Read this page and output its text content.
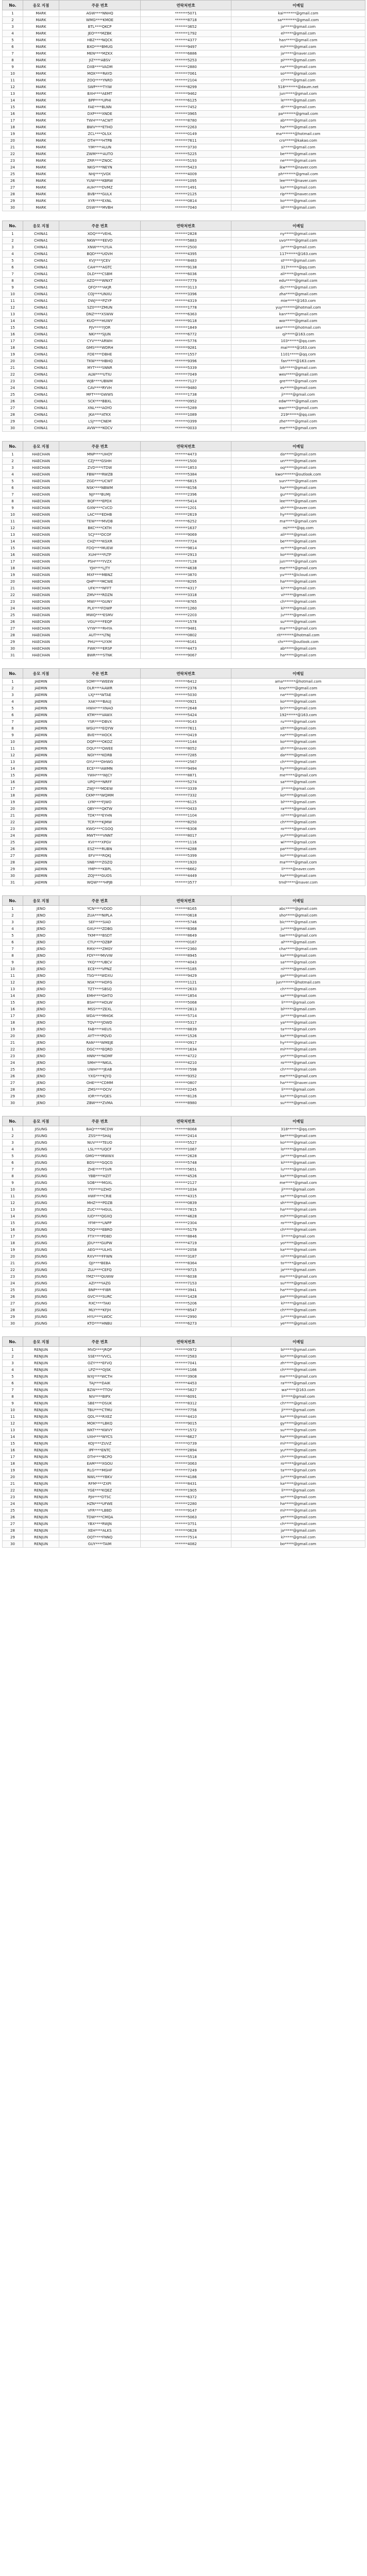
No.	응모 지점	주문 번호	연락처번호	이메일
1	MARK	AGW****NNHQ	*******5071	kai*******@gmail.com
2	MARK	WMG****KMOE	*******8718	sa********@gmail.com
3	MARK	BTL****QKCP	*******3652	ja*****@gmail.com
4	MARK	JEO****MZBK	*******1792	el*****@gmail.com
5	MARK	HBZ****NQCK	*******4377	han*****@gmail.com
6	MARK	BXO****BMUG	*******9497	mi*****@gmail.com
7	MARK	MEN****MZKX	*******6886	ja*****@naver.com
8	MARK	JIZ****ABSV	*******5253	pi*****@gmail.com
9	MARK	DXB****VADM	*******2880	na*****@gmail.com
10	MARK	MOX****RAYD	*******7061	so*****@gmail.com
11	MARK	ZOQ****YNRD	*******2104	cl*****@gmail.com
12	MARK	SWP****TYIW	*******8299	518*******@daum.net
13	MARK	BXH****AEMT	*******9462	jun*****@gmail.com
14	MARK	BPP****UPHI	*******6125	le*****@gmail.com
15	MARK	FAE****BLNN	*******7452	di*****@gmail.com
16	MARK	DXP****XNDE	*******3965	pa*******@gmail.com
17	MARK	TWH****ACWT	*******8780	ab*****@gmail.com
18	MARK	BWV****ETHO	*******2263	ha*****@gmail.com
19	MARK	ZCL****OLSX	*******0149	ma*******@hotmail.com
20	MARK	DTH****HTPB	*******7611	cro*****@kakao.com
21	MARK	YIM****ALUN	*******3730	si*****@gmail.com
22	MARK	ZWM****AUTO	*******5225	be*****@gmail.com
23	MARK	ZRR****ZNOC	*******5193	ne*****@gmail.com
24	MARK	NKG****NEYN	*******5423	ikw*****@naver.com
25	MARK	NHJ****JVOX	*******4009	ph*******@gmail.com
26	MARK	YUW****KBRW	*******1095	lee*****@naver.com
27	MARK	AUH****DVMZ	*******1491	ka*****@gmail.com
28	MARK	BVB****GULX	*******2125	rip*****@naver.com
29	MARK	XYR****EXNL	*******0814	ko*****@gmail.com
30	MARK	DSW****MVBH	*******7040	id*****@gmail.com
No.	응모 지점	주문 번호	연락처번호	이메일
1	CHINA1	XOQ****VEHL	*******2828	ny*****@gmail.com
2	CHINA1	NKW****EEVO	*******5883	uvo*****@gmail.com
3	CHINA1	XNW****LYUA	*******2500	ja*****@gmail.com
4	CHINA1	BQD****UOVH	*******4395	117******@163.com
5	CHINA1	KVJ****JCEV	*******8483	st*****@gmail.com
6	CHINA1	CAH****AGTC	*******9138	317******@qq.com
7	CHINA1	DLD****CSBM	*******6036	ali*****@gmail.com
8	CHINA1	AZO****WNXT	*******7779	edu*****@gmail.com
9	CHINA1	QFO****AKJR	*******3113	dic*****@gmail.com
10	CHINA1	COJ****UNXU	*******3396	zha*****@gmail.com
11	CHINA1	DWJ****PZYP	*******4319	mie*****@163.com
12	CHINA1	SZ0****ZMUN	*******1778	yuy*******@hotmail.com
13	CHINA1	DNZ****XSWW	*******6363	kan*****@gmail.com
14	CHINA1	KUO****HUWY	*******9118	wor*****@gmail.com
15	CHINA1	PJV****YJOR	*******1849	sea*******@hotmail.com
16	CHINA1	NKI****SJUN	*******6772	qi*****@163.com
17	CHINA1	CYV****ARWH	*******5776	103******@qq.com
18	CHINA1	GMS****WDRH	*******9281	mai*****@163.com
19	CHINA1	FDE****DBHE	*******1557	1101*****@qq.com
20	CHINA1	TKW****HBHQ	*******9396	fan*****@163.com
21	CHINA1	MYT****SNNR	*******5339	lzh*****@gmail.com
22	CHINA1	ALW****UTIU	*******7049	wes*****@gmail.com
23	CHINA1	WJB****UBWM	*******7127	gre*****@gmail.com
24	CHINA1	CAV****RYVH	*******9480	ev*****@gmail.com
25	CHINA1	MFT****GWWS	*******1738	ji*****@gmail.com
26	CHINA1	SCK****BBXL	*******0952	edw*****@gmail.com
27	CHINA1	XNL****AOYO	*******5289	wan*****@gmail.com
28	CHINA1	JKA****ATKX	*******1089	219******@qq.com
29	CHINA1	LSJ****CNEM	*******0399	zhe*****@gmail.com
30	CHINA1	AVW****KOCV	*******0033	me*****@gmail.com
No.	응모 지점	주문 번호	연락처번호	이메일
1	HAECHAN	MNP****UHOY	*******4473	da*****@gmail.com
2	HAECHAN	CZJ****GSHH	*******1500	un*****@gmail.com
3	HAECHAN	ZVD****ITDW	*******1853	oq*****@gmail.com
4	HAECHAN	FBW****RWZB	*******5384	kwo*******@outlook.com
5	HAECHAN	ZGD****UCWT	*******6815	sun*****@gmail.com
6	HAECHAN	NSK****NBWM	*******8156	ha*****@gmail.com
7	HAECHAN	NJI****BUMJ	*******2396	gu*****@gmail.com
8	HAECHAN	BQF****EPDX	*******5414	lee*****@gmail.com
9	HAECHAN	GXN****CVCD	*******1201	sh*****@naver.com
10	HAECHAN	LAC****EDHB	*******2619	hy*****@gmail.com
11	HAECHAN	TEW****MVDB	*******6252	ma*****@gmail.com
12	HAECHAN	BKC****CKTH	*******1637	mi*****@qq.com
13	HAECHAN	SCJ****DCOF	*******9069	ali*****@gmail.com
14	HAECHAN	CHZ****KGXR	*******7724	be*****@gmail.com
15	HAECHAN	FDQ****MUEW	*******9814	ro*****@gmail.com
16	HAECHAN	XUH****FLTP	*******2913	ko*****@gmail.com
17	HAECHAN	PSH****YVZX	*******7128	jun*****@gmail.com
18	HAECHAN	YJH****LJTY	*******4638	me*****@gmail.com
19	HAECHAN	MXF****MBNZ	*******3870	yu*****@icloud.com
20	HAECHAN	QHP****MCWE	*******8295	ha*****@gmail.com
21	HAECHAN	UFK****NFFT	*******4317	ki*****@gmail.com
22	HAECHAN	ZMV****RDZN	*******3318	vi*****@gmail.com
23	HAECHAN	MWI****GUNY	*******8765	ch*****@gmail.com
24	HAECHAN	PLX****FDWP	*******1260	ki*****@gmail.com
25	HAECHAN	MWQ****ESMV	*******2203	ju*****@gmail.com
26	HAECHAN	VGU****FEQP	*******1578	su*****@gmail.com
27	HAECHAN	VYW****RHYA	*******9481	ma*****@gmail.com
28	HAECHAN	AUT****LTNJ	*******0802	rit*******@hotmail.com
29	HAECHAN	PHU****LYXM	*******6161	chr*****@outlook.com
30	HAECHAN	FWK****ERSP	*******4473	ab*****@gmail.com
31	HAECHAN	BWR****STNK	*******9067	ha*****@gmail.com
No.	응모 지점	주문 번호	연락처번호	이메일
1	JAEMIN	SOM****WEEW	*******6412	ama*******@hotmail.com
2	JAEMIN	DLR****AAWR	*******2376	kno*****@gmail.com
3	JAEMIN	LXJ****WTAE	*******5030	na*****@gmail.com
4	JAEMIN	XAK****BAUJ	*******0921	ko*****@gmail.com
5	JAEMIN	HWH****XNAO	*******2648	bri*****@gmail.com
6	JAEMIN	KTM****VAWX	*******5424	192******@163.com
7	JAEMIN	YSR****DBVX	*******9143	ru*****@gmail.com
8	JAEMIN	WGU****EQYW	*******7611	sit*****@gmail.com
9	JAEMIN	BVE****HOCK	*******0419	na*****@gmail.com
10	JAEMIN	DQP****OKDZ	*******1144	ko*****@gmail.com
11	JAEMIN	DQU****QWEE	*******8052	sh*****@naver.com
12	JAEMIN	NGY****KDRB	*******7285	da*****@gmail.com
13	JAEMIN	GYU****DHWG	*******2567	ch*****@gmail.com
14	JAEMIN	ECE****AWMN	*******9494	hy*****@gmail.com
15	JAEMIN	YWH****WJCY	*******8871	me*****@gmail.com
16	JAEMIN	UPQ****NRFF	*******5274	sa*****@gmail.com
17	JAEMIN	ZWJ****MDEW	*******3339	ji*****@gmail.com
18	JAEMIN	CKM****WQMM	*******7332	ko*****@gmail.com
19	JAEMIN	LYM****FJWO	*******6125	bl*****@gmail.com
20	JAEMIN	QBY****QKTW	*******0433	ra*****@gmail.com
21	JAEMIN	TDK****EYHN	*******1104	ni*****@gmail.com
22	JAEMIN	TCR****KJMW	*******8250	ch*****@gmail.com
23	JAEMIN	KWG****CGOQ	*******6308	ro*****@gmail.com
24	JAEMIN	MWT****VNNT	*******8017	yu*****@gmail.com
25	JAEMIN	KVI****XPGV	*******1116	wi*****@gmail.com
26	JAEMIN	ESZ****RUBN	*******4288	pa*****@gmail.com
27	JAEMIN	EFV****RQKJ	*******5399	ko*****@gmail.com
28	JAEMIN	SNB****ZGZQ	*******1920	ma*****@gmail.com
29	JAEMIN	YMP****KBPL	*******6662	li*****@naver.com
30	JAEMIN	ZOJ****GUOS	*******4449	ha*****@gmail.com
31	JAEMIN	WQW****HPJB	*******3577	tmd*****@naver.com
No.	응모 지점	주문 번호	연락처번호	이메일
1	JENO	YCN****VDOD	*******8165	abc*****@gmail.com
2	JENO	ZUA****NIPLA	*******0618	sho*****@gmail.com
3	JENO	SEF****SIAD	*******5746	bic*****@gmail.com
4	JENO	GXU****ZDBG	*******8368	ju*****@gmail.com
5	JENO	TKM****BSDT	*******8649	tae*****@gmail.com
6	JENO	CTU****OZBP	*******0167	al*****@gmail.com
7	JENO	RMX****ZMGY	*******2360	cha*****@gmail.com
8	JENO	FDY****MVVW	*******8945	ka*****@gmail.com
9	JENO	YKQ****UBCV	*******4043	sa*****@gmail.com
10	JENO	ECE****VPNZ	*******5185	ni*****@gmail.com
11	JENO	TSG****WDXU	*******9429	ga*****@gmail.com
12	JENO	NSK****HDFG	*******1121	jun*******@hotmail.com
13	JENO	TZT****SBSQ	*******2633	ch*****@gmail.com
14	JENO	EMH****GHTO	*******1854	sa*****@gmail.com
15	JENO	BSH****HDLW	*******5068	li*****@gmail.com
16	JENO	MSS****ZEXL	*******2813	bl*****@gmail.com
17	JENO	WDA****MHGK	*******5714	jo*****@gmail.com
18	JENO	TQV****JDWD	*******5317	ya*****@gmail.com
19	JENO	FAB****HEUS	*******8839	ta*****@gmail.com
20	JENO	AYT****PQVD	*******1526	ka*****@gmail.com
21	JENO	RAN****WMEJE	*******0917	hy*****@gmail.com
22	JENO	DGC****EQRD	*******1634	mi*****@gmail.com
23	JENO	HNN****NOMF	*******4722	yo*****@gmail.com
24	JENO	SMH****NKUL	*******4210	ro*****@gmail.com
25	JENO	UWH****JEAB	*******7598	ch*****@gmail.com
26	JENO	YXG****KJYQ	*******9352	me*****@gmail.com
27	JENO	OHE****CDMM	*******0807	ha*****@naver.com
28	JENO	ZMS****OCIV	*******2245	li*****@gmail.com
29	JENO	IOR****VQES	*******8126	ka*****@gmail.com
30	JENO	ZBW****ZVMA	*******8980	su*****@gmail.com
No.	응모 지점	주문 번호	연락처번호	이메일
1	JISUNG	BAQ****MCDW	*******8068	318******@qq.com
2	JISUNG	ZSS****SHAJ	*******2414	be*****@gmail.com
3	JISUNG	NUV****TEUO	*******5527	ko*****@gmail.com
4	JISUNG	LSL****UQCF	*******1067	lo*****@gmail.com
5	JISUNG	GMG****MWWX	*******2628	ja*****@gmail.com
6	JISUNG	BDS****GQCG	*******5748	ki*****@gmail.com
7	JISUNG	ZHE****TSVR	*******5651	lu*****@gmail.com
8	JISUNG	YBB****HZIT	*******4526	ka*****@gmail.com
9	JISUNG	SOB****MGXL	*******2127	me*****@gmail.com
10	JISUNG	YYI****UZHO	*******1034	ji*****@gmail.com
11	JISUNG	HWF****CRIE	*******4315	sa*****@gmail.com
12	JISUNG	MHZ****PDZB	*******0839	sh*****@gmail.com
13	JISUNG	ZUC****HGUL	*******7815	ha*****@gmail.com
14	JISUNG	IUD****QGXQ	*******4628	mi*****@gmail.com
15	JISUNG	YFM****LNPP	*******2304	ro*****@gmail.com
16	JISUNG	TOQ****EBRO	*******5179	ch*****@gmail.com
17	JISUNG	FTX****PDBD	*******8846	li*****@gmail.com
18	JISUNG	JDU****GUPW	*******4719	yo*****@gmail.com
19	JISUNG	AEG****ULHS	*******2058	ka*****@gmail.com
20	JISUNG	RXV****FFWN	*******3187	ni*****@gmail.com
21	JISUNG	QJI****BEBA	*******8364	to*****@gmail.com
22	JISUNG	ZLU****CEFQ	*******9715	ja*****@gmail.com
23	JISUNG	YMZ****QUWW	*******6038	mo*****@gmail.com
24	JISUNG	AZI****IAZG	*******7153	su*****@gmail.com
25	JISUNG	BNP****FIBR	*******3941	ha*****@gmail.com
26	JISUNG	GVC****SURC	*******1428	pa*****@gmail.com
27	JISUNG	RXC****TAKI	*******5206	ki*****@gmail.com
28	JISUNG	MLY****KFJH	*******8547	ch*****@gmail.com
29	JISUNG	HYU****LWDC	*******2990	ju*****@gmail.com
30	JISUNG	KTO****HNBU	*******6273	ye*****@gmail.com
No.	응모 지점	주문 번호	연락처번호	이메일
1	RENJUN	MVD****JRQP	*******0972	bi*****@gmail.com
2	RENJUN	SSE****VVCL	*******2583	ko*****@gmail.com
3	RENJUN	OZY****EFVQ	*******7041	zh*****@gmail.com
4	RENJUN	LPZ****OJSK	*******1166	ch*****@gmail.com
5	RENJUN	WXJ****WCTH	*******3908	me*****@gmail.com
6	RENJUN	TAJ****DAIK	*******4453	ra*****@gmail.com
7	RENJUN	BZW****TTOV	*******5827	wa*****@163.com
8	RENJUN	NIV****BIPX	*******6091	li*****@gmail.com
9	RENJUN	SBE****OSUK	*******8312	ch*****@gmail.com
10	RENJUN	TBU****CTMU	*******7756	ji*****@gmail.com
11	RENJUN	QDL****RXEZ	*******4410	ka*****@gmail.com
12	RENJUN	MOK****LBKQ	*******9015	gy*****@gmail.com
13	RENJUN	WKT****KWVY	*******1572	su*****@gmail.com
14	RENJUN	UXH****WYCS	*******6627	ha*****@gmail.com
15	RENJUN	KOJ****ZUVZ	*******0739	mi*****@gmail.com
16	RENJUN	IPF****ENTC	*******2894	yu*****@gmail.com
17	RENJUN	DTH****BCPO	*******5518	ch*****@gmail.com
18	RENJUN	EAM****XGOU	*******3063	ro*****@gmail.com
19	RENJUN	RLG****MGHF	*******7249	ta*****@gmail.com
20	RENJUN	NWL****YBKV	*******4186	ju*****@gmail.com
21	RENJUN	RFM****ZXPI	*******8431	ka*****@gmail.com
22	RENJUN	YGE****KQEZ	*******1905	li*****@gmail.com
23	RENJUN	PJH****DTSC	*******6372	so*****@gmail.com
24	RENJUN	HZN****UFWE	*******2280	ha*****@gmail.com
25	RENJUN	VFR****LBBD	*******9147	mi*****@gmail.com
26	RENJUN	TDW****CMQA	*******5063	ye*****@gmail.com
27	RENJUN	YBX****RWJN	*******3751	ch*****@gmail.com
28	RENJUN	XEH****ALKS	*******0628	ja*****@gmail.com
29	RENJUN	OQT****FNNQ	*******7514	ki*****@gmail.com
30	RENJUN	GUY****TAIM	*******4082	bo*****@gmail.com
